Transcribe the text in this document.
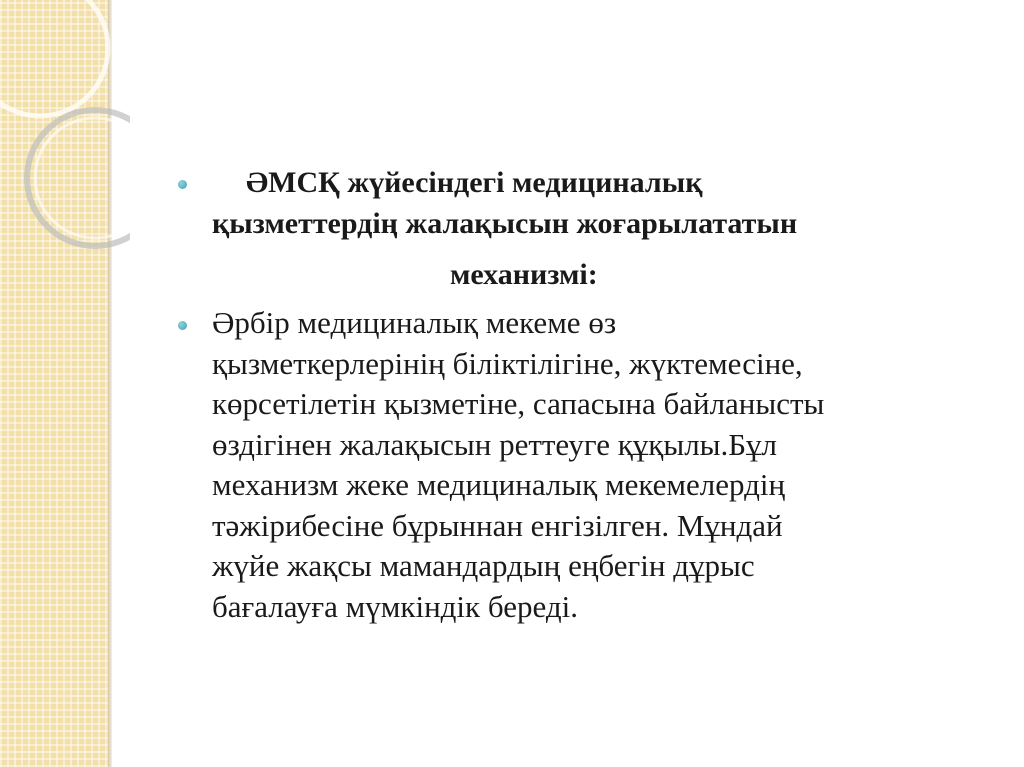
ӘМСҚ жүйесіндегі медициналық

қызметтердің жалақысын жоғарылататын

механизмі:

Әрбір медициналық мекеме өз

қызметкерлерінің біліктілігіне, жүктемесіне,

көрсетілетін қызметіне, сапасына байланысты

өздігінен жалақысын реттеуге құқылы.Бұл

механизм жеке медициналық мекемелердің

тәжірибесіне бұрыннан енгізілген. Мұндай

жүйе жақсы мамандардың еңбегін дұрыс

бағалауға мүмкіндік береді.
